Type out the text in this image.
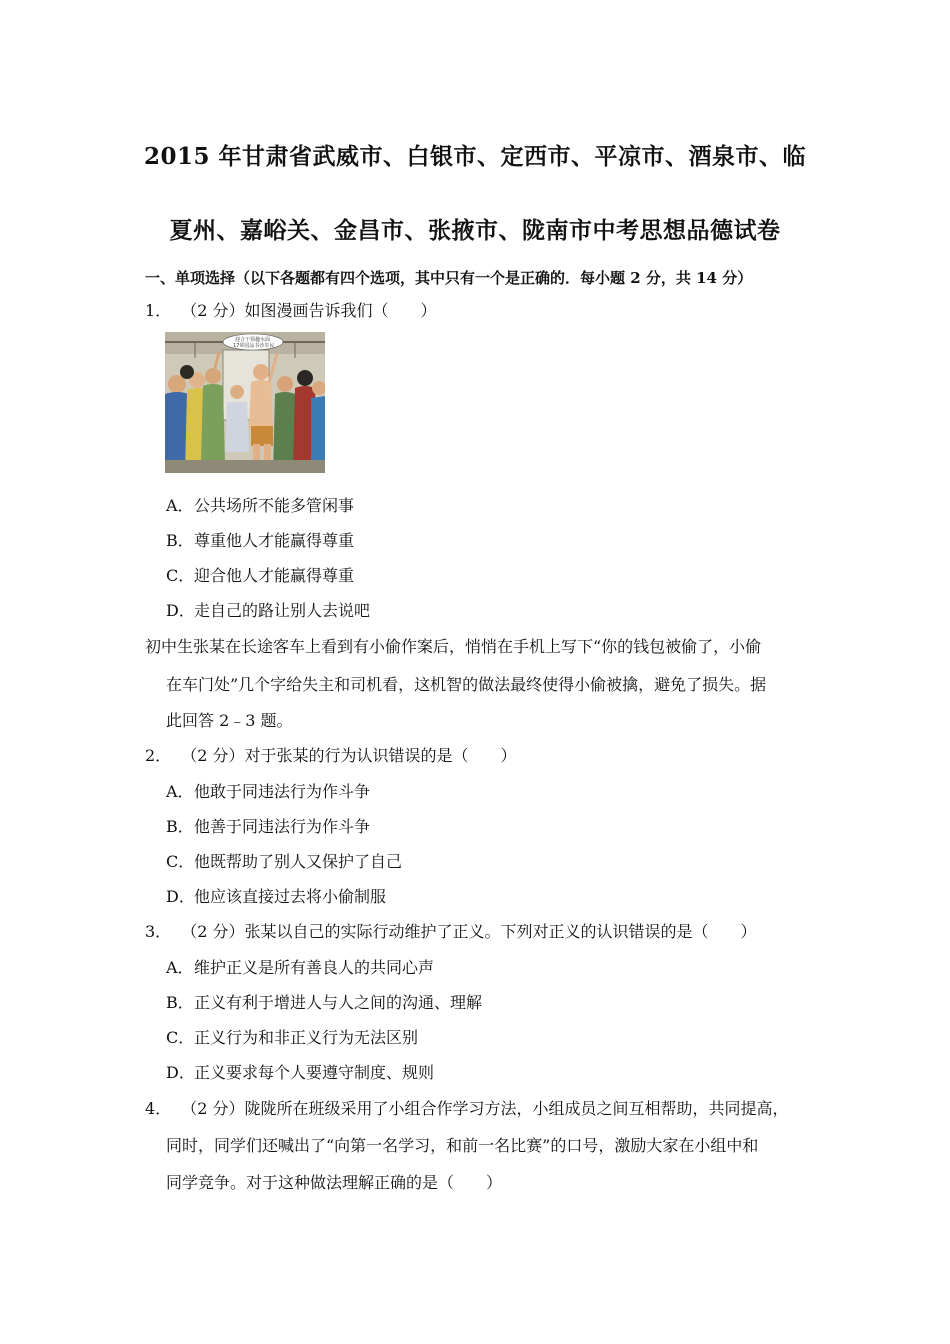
2015 年甘肃省武威市、白银市、定西市、平凉市、酒泉市、临
夏州、嘉峪关、金昌市、张掖市、陇南市中考思想品德试卷
一、单项选择（以下各题都有四个选项，其中只有一个是正确的．每小题 2 分，共 14 分）
1． （2 分）如图漫画告诉我们（　　）
迎合干领趣水面
17晕国品书沙岁民
A．公共场所不能多管闲事
B．尊重他人才能赢得尊重
C．迎合他人才能赢得尊重
D．走自己的路让别人去说吧
初中生张某在长途客车上看到有小偷作案后，悄悄在手机上写下“你的钱包被偷了，小偷
在车门处”几个字给失主和司机看，这机智的做法最终使得小偷被擒，避免了损失。据
此回答 2﹣3 题。
2． （2 分）对于张某的行为认识错误的是（　　）
A．他敢于同违法行为作斗争
B．他善于同违法行为作斗争
C．他既帮助了别人又保护了自己
D．他应该直接过去将小偷制服
3． （2 分）张某以自己的实际行动维护了正义。下列对正义的认识错误的是（　　）
A．维护正义是所有善良人的共同心声
B．正义有利于增进人与人之间的沟通、理解
C．正义行为和非正义行为无法区别
D．正义要求每个人要遵守制度、规则
4． （2 分）陇陇所在班级采用了小组合作学习方法，小组成员之间互相帮助，共同提高，
同时，同学们还喊出了“向第一名学习，和前一名比赛”的口号，激励大家在小组中和
同学竞争。对于这种做法理解正确的是（　　）
